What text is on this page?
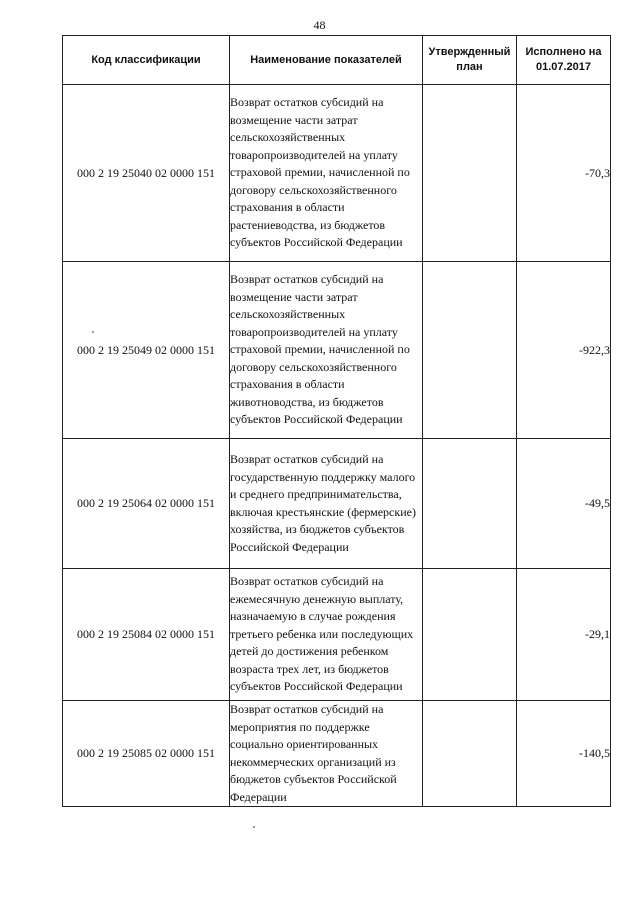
48
Код классификации	Наименование показателей	Утвержденный план	Исполнено на 01.07.2017
000 2 19 25040 02 0000 151	Возврат остатков субсидий на возмещение части затрат сельскохозяйственных товаропроизводителей на уплату страховой премии, начисленной по договору сельскохозяйственного страхования в области растениеводства, из бюджетов субъектов Российской Федерации		-70,3
000 2 19 25049 02 0000 151	Возврат остатков субсидий на возмещение части затрат сельскохозяйственных товаропроизводителей на уплату страховой премии, начисленной по договору сельскохозяйственного страхования в области животноводства, из бюджетов субъектов Российской Федерации		-922,3
000 2 19 25064 02 0000 151	Возврат остатков субсидий на государственную поддержку малого и среднего предпринимательства, включая крестьянские (фермерские) хозяйства, из бюджетов субъектов Российской Федерации		-49,5
000 2 19 25084 02 0000 151	Возврат остатков субсидий на ежемесячную денежную выплату, назначаемую в случае рождения третьего ребенка или последующих детей до достижения ребенком возраста трех лет, из бюджетов субъектов Российской Федерации		-29,1
000 2 19 25085 02 0000 151	Возврат остатков субсидий на мероприятия по поддержке социально ориентированных некоммерческих организаций из бюджетов субъектов Российской Федерации		-140,5
